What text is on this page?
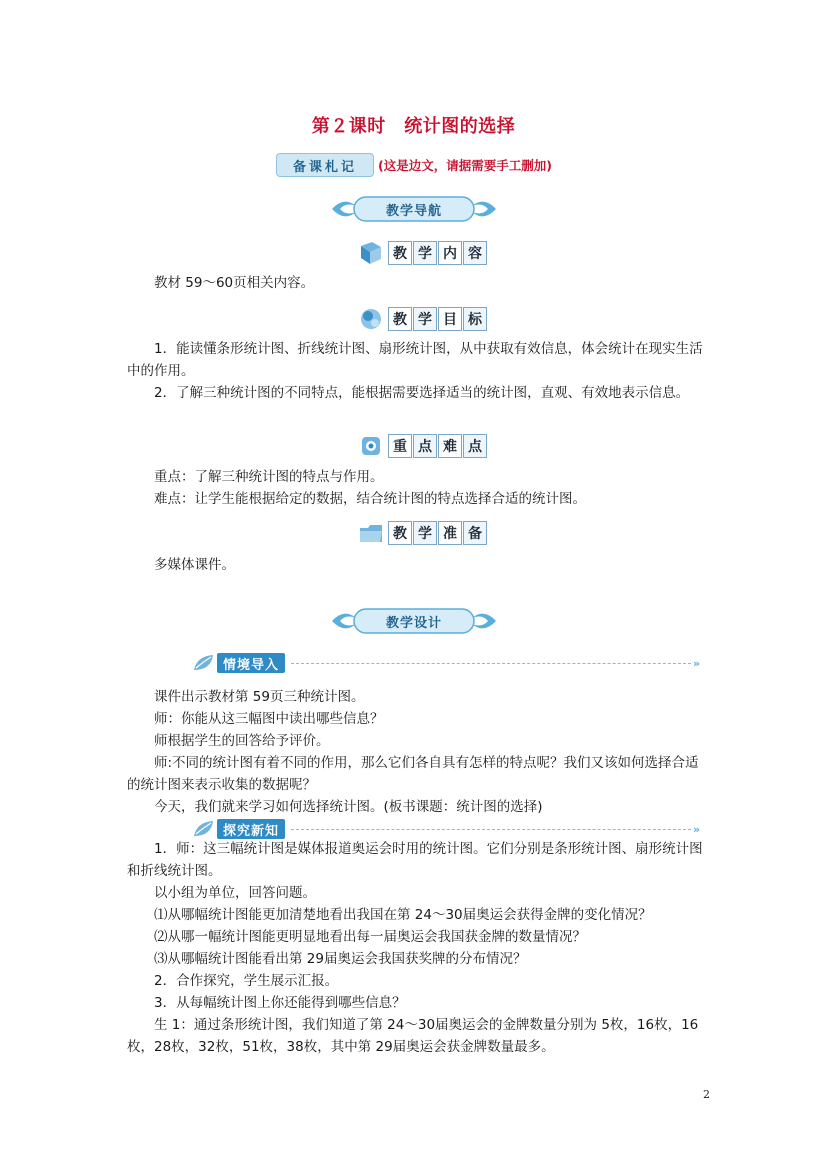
第２课时　统计图的选择
备课札记	(这是边文，请据需要手工删加)
教学导航
教 学 内 容
教材 59～60页相关内容。
教 学 目 标
1．能读懂条形统计图、折线统计图、扇形统计图，从中获取有效信息，体会统计在现实生活中的作用。
2．了解三种统计图的不同特点，能根据需要选择适当的统计图，直观、有效地表示信息。
重 点 难 点
重点：了解三种统计图的特点与作用。
难点：让学生能根据给定的数据，结合统计图的特点选择合适的统计图。
教 学 准 备
多媒体课件。
教学设计
情境导入	»
课件出示教材第 59页三种统计图。
师：你能从这三幅图中读出哪些信息？
师根据学生的回答给予评价。
师:不同的统计图有着不同的作用，那么它们各自具有怎样的特点呢？我们又该如何选择合适的统计图来表示收集的数据呢？
今天，我们就来学习如何选择统计图。(板书课题：统计图的选择)
探究新知	»
1．师：这三幅统计图是媒体报道奥运会时用的统计图。它们分别是条形统计图、扇形统计图和折线统计图。
以小组为单位，回答问题。
⑴从哪幅统计图能更加清楚地看出我国在第 24～30届奥运会获得金牌的变化情况？
⑵从哪一幅统计图能更明显地看出每一届奥运会我国获金牌的数量情况？
⑶从哪幅统计图能看出第 29届奥运会我国获奖牌的分布情况？
2．合作探究，学生展示汇报。
3．从每幅统计图上你还能得到哪些信息？
生 1：通过条形统计图，我们知道了第 24～30届奥运会的金牌数量分别为 5枚，16枚，16枚，28枚，32枚，51枚，38枚，其中第 29届奥运会获金牌数量最多。
2
